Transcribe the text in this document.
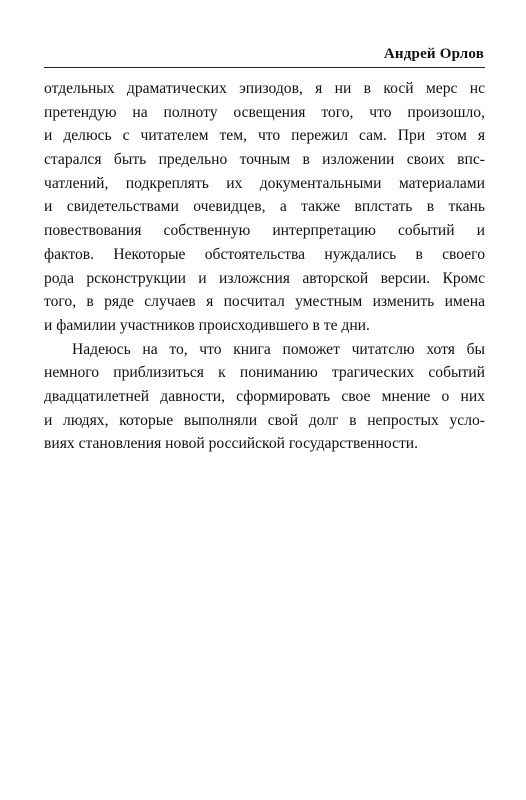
Андрей Орлов
отдельных драматических эпизодов, я ни в косй мерс нс
претендую на полноту освещения того, что произошло,
и делюсь с читателем тем, что пережил сам. При этом я
старался быть предельно точным в изложении своих впс-
чатлений, подкреплять их документальными материалами
и свидетельствами очевидцев, а также вплстать в ткань
повествования собственную интерпретацию событий и
фактов. Некоторые обстоятельства нуждались в своего
рода рсконструкции и изложсния авторской версии. Кромс
того, в ряде случаев я посчитал уместным изменить имена
и фамилии участников происходившего в те дни.
Надеюсь на то, что книга поможет читатслю хотя бы
немного приблизиться к пониманию трагических событий
двадцатилетней давности, сформировать свое мнение о них
и людях, которые выполняли свой долг в непростых усло-
виях становления новой российской государственности.
